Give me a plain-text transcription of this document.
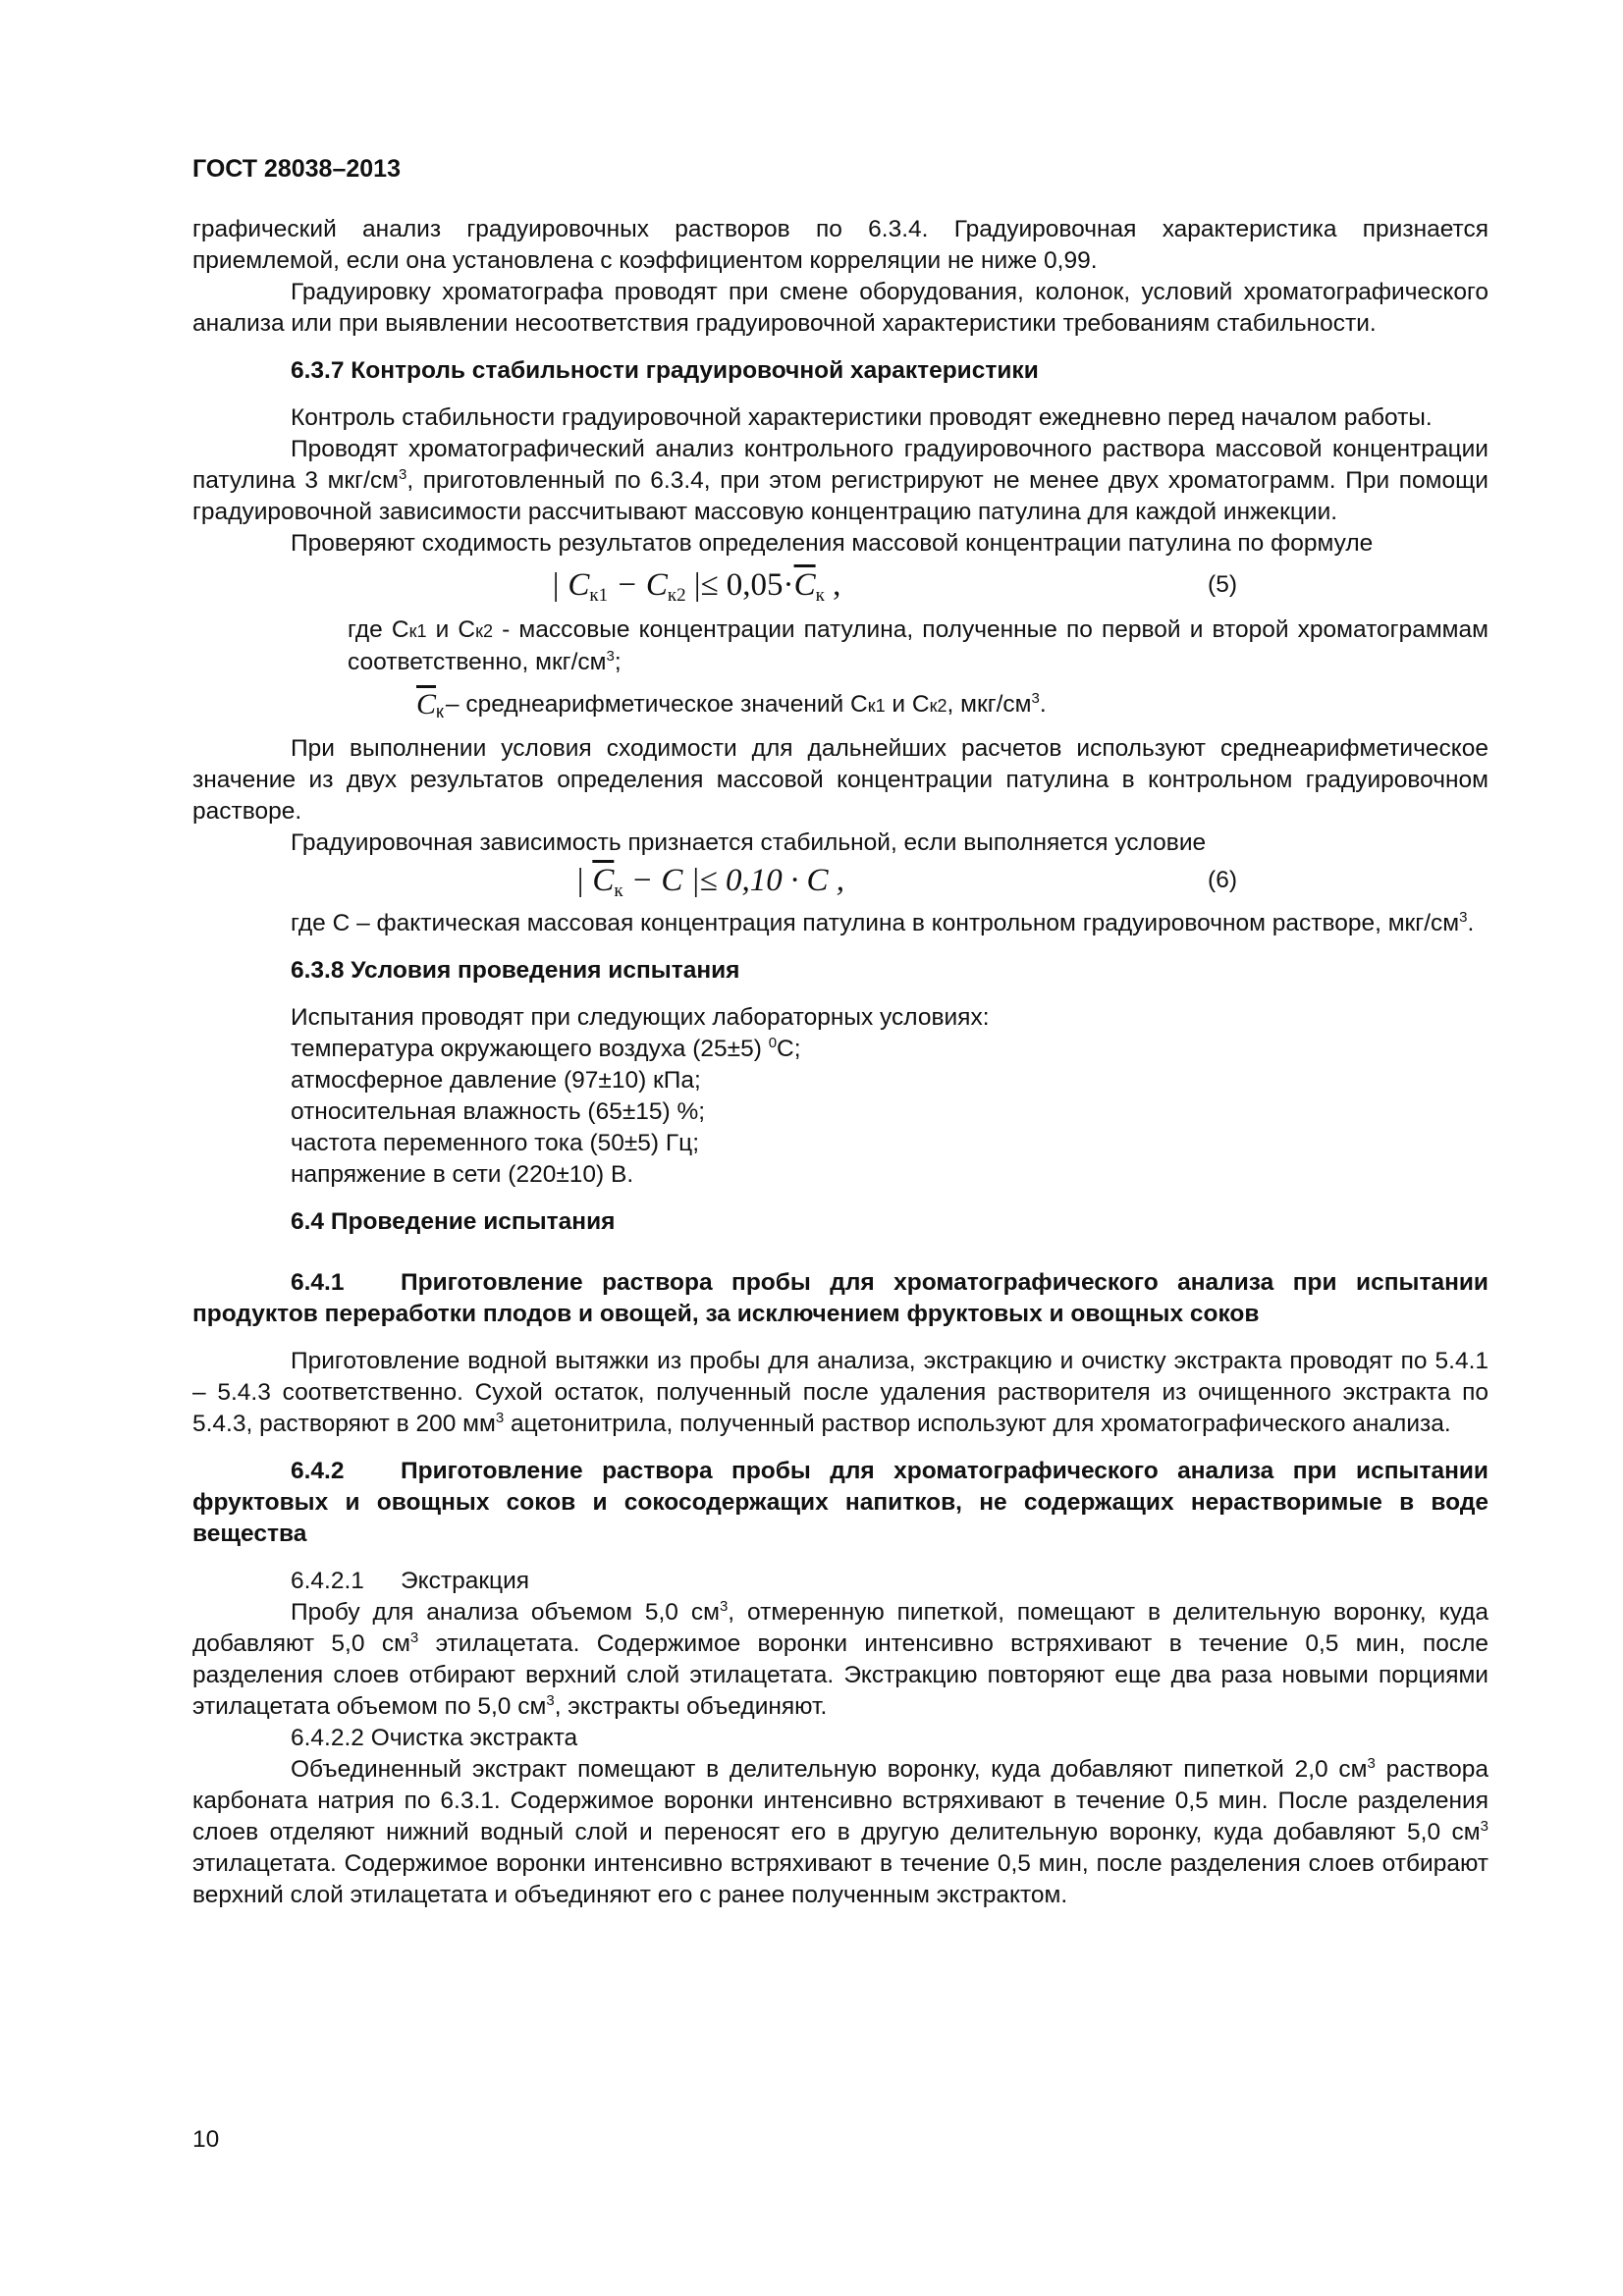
ГОСТ 28038–2013

графический анализ градуировочных растворов по 6.3.4. Градуировочная характеристика признается приемлемой, если она установлена с коэффициентом корреляции не ниже 0,99.

Градуировку хроматографа проводят при смене оборудования, колонок, условий хроматографического анализа или при выявлении несоответствия градуировочной характеристики требованиям стабильности.

6.3.7 Контроль стабильности градуировочной характеристики

Контроль стабильности градуировочной характеристики проводят ежедневно перед началом работы.

Проводят хроматографический анализ контрольного градуировочного раствора массовой концентрации патулина 3 мкг/$см^3$, приготовленный по 6.3.4, при этом регистрируют не менее двух хроматограмм. При помощи градуировочной зависимости рассчитывают массовую концентрацию патулина для каждой инжекции.

Проверяют сходимость результатов определения массовой концентрации патулина по формуле

| $C_{к1} - C_{к2}$ |≤ $0,05\cdot\overline{C}_к$ ,	(5)

где Cк1 и Cк2 - массовые концентрации патулина, полученные по первой и второй хроматограммам соответственно, мкг/$см^3$;

$\overline{C}$ к – среднеарифметическое значений Cк1 и Cк2, мкг/$см^3$.

При выполнении условия сходимости для дальнейших расчетов используют среднеарифметическое значение из двух результатов определения массовой концентрации патулина в контрольном градуировочном растворе.

Градуировочная зависимость признается стабильной, если выполняется условие

| $\overline{C}_к - C$ |≤ 0,10 · C ,	(6)

где C – фактическая массовая концентрация патулина в контрольном градуировочном растворе, мкг/$см^3$.

6.3.8 Условия проведения испытания

Испытания проводят при следующих лабораторных условиях:

температура окружающего воздуха (25±5) $^0$C;

атмосферное давление (97±10) кПа;

относительная влажность (65±15) %;

частота переменного тока (50±5) Гц;

напряжение в сети (220±10) В.

6.4 Проведение испытания
6.4.1 Приготовление раствора пробы для хроматографического анализа при испытании продуктов переработки плодов и овощей, за исключением фруктовых и овощных соков

Приготовление водной вытяжки из пробы для анализа, экстракцию и очистку экстракта проводят по 5.4.1 – 5.4.3 соответственно. Сухой остаток, полученный после удаления растворителя из очищенного экстракта по 5.4.3, растворяют в 200 $мм^3$ ацетонитрила, полученный раствор используют для хроматографического анализа.

6.4.2 Приготовление раствора пробы для хроматографического анализа при испытании фруктовых и овощных соков и сокосодержащих напитков, не содержащих нерастворимые в воде вещества

6.4.2.1 Экстракция

Пробу для анализа объемом 5,0 $см^3$, отмеренную пипеткой, помещают в делительную воронку, куда добавляют 5,0 $см^3$ этилацетата. Содержимое воронки интенсивно встряхивают в течение 0,5 мин, после разделения слоев отбирают верхний слой этилацетата. Экстракцию повторяют еще два раза новыми порциями этилацетата объемом по 5,0 $см^3$, экстракты объединяют.

6.4.2.2 Очистка экстракта

Объединенный экстракт помещают в делительную воронку, куда добавляют пипеткой 2,0 $см^3$ раствора карбоната натрия по 6.3.1. Содержимое воронки интенсивно встряхивают в течение 0,5 мин. После разделения слоев отделяют нижний водный слой и переносят его в другую делительную воронку, куда добавляют 5,0 $см^3$ этилацетата. Содержимое воронки интенсивно встряхивают в течение 0,5 мин, после разделения слоев отбирают верхний слой этилацетата и объединяют его с ранее полученным экстрактом.

10
